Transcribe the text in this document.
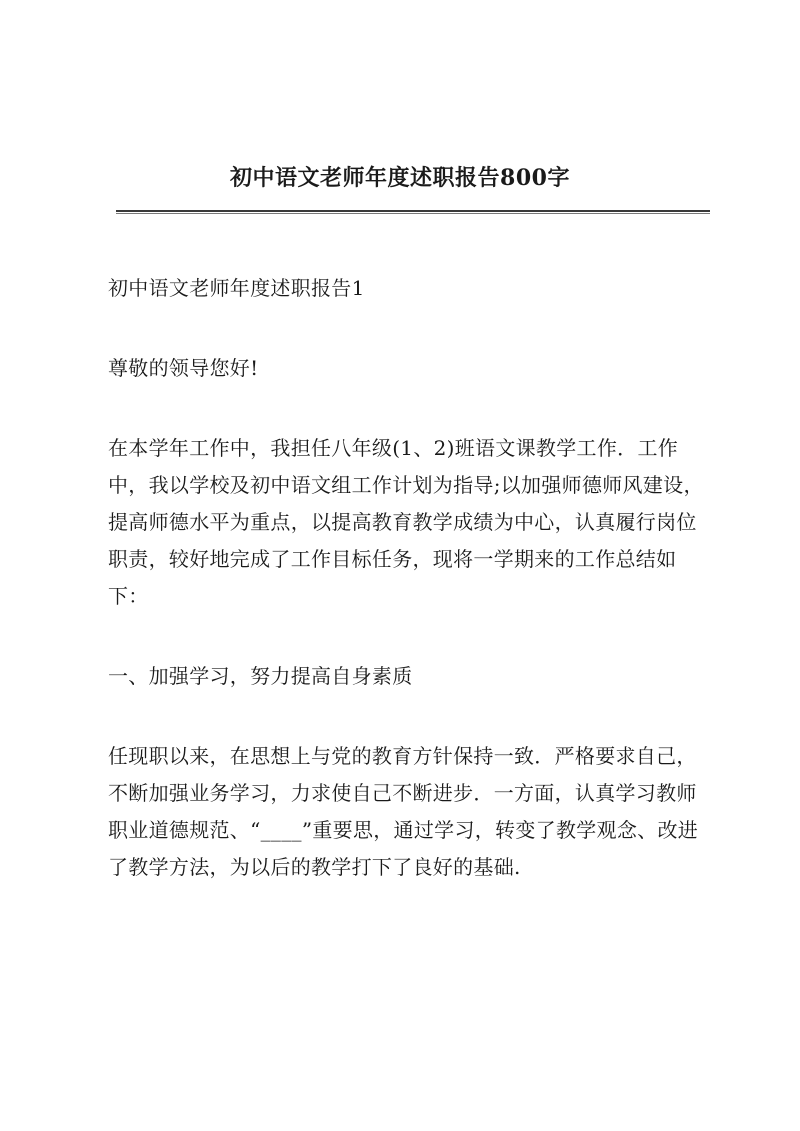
初中语文老师年度述职报告800字

初中语文老师年度述职报告1

尊敬的领导您好!

在本学年工作中，我担任八年级(1、2)班语文课教学工作．工作中，我以学校及初中语文组工作计划为指导;以加强师德师风建设，提高师德水平为重点，以提高教育教学成绩为中心，认真履行岗位职责，较好地完成了工作目标任务，现将一学期来的工作总结如下：

一、加强学习，努力提高自身素质

任现职以来，在思想上与党的教育方针保持一致．严格要求自己，不断加强业务学习，力求使自己不断进步．一方面，认真学习教师职业道德规范、“____”重要思，通过学习，转变了教学观念、改进了教学方法，为以后的教学打下了良好的基础.
